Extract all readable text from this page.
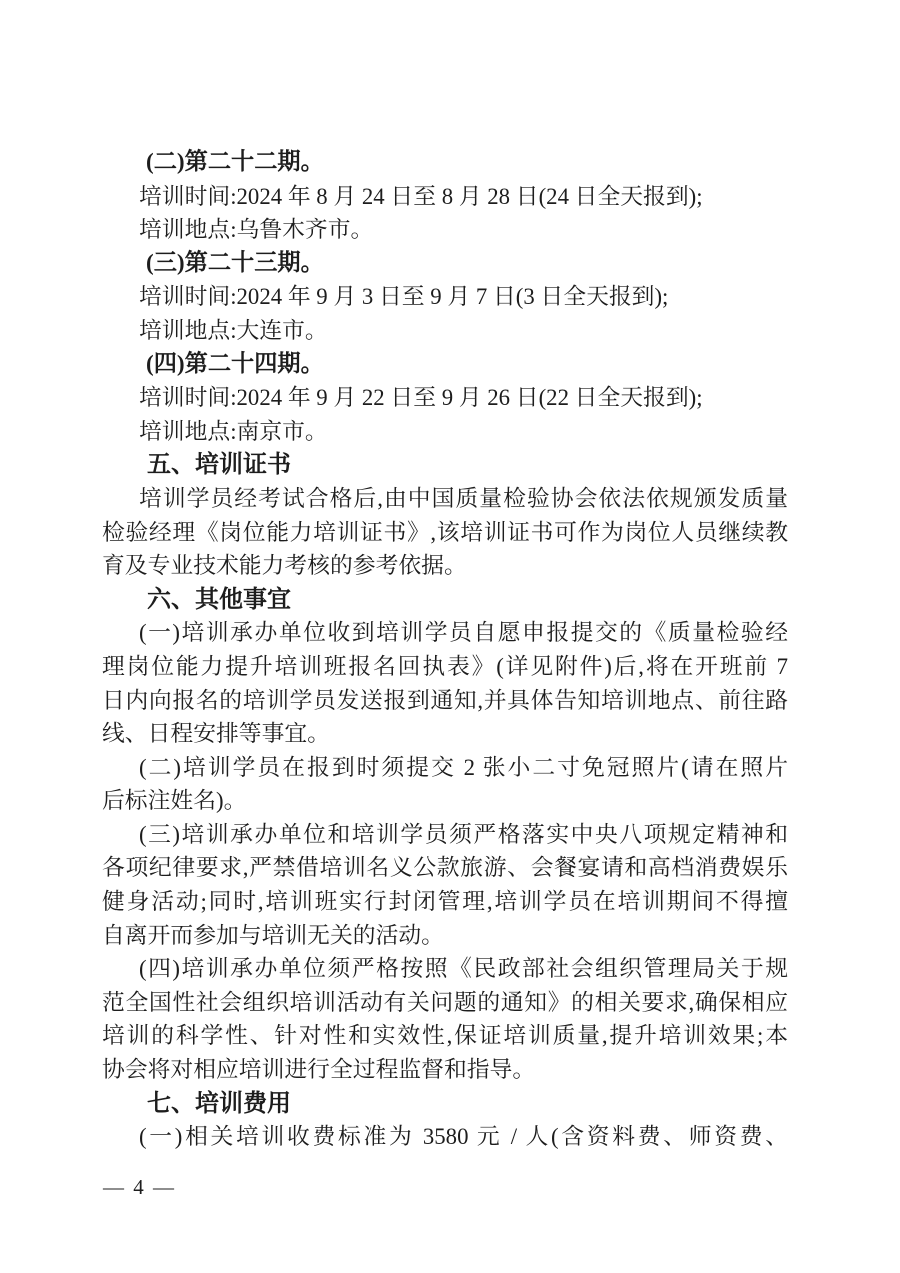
(二)第二十二期。
培训时间:2024 年 8 月 24 日至 8 月 28 日(24 日全天报到);
培训地点:乌鲁木齐市。
(三)第二十三期。
培训时间:2024 年 9 月 3 日至 9 月 7 日(3 日全天报到);
培训地点:大连市。
(四)第二十四期。
培训时间:2024 年 9 月 22 日至 9 月 26 日(22 日全天报到);
培训地点:南京市。
五、培训证书
培训学员经考试合格后,由中国质量检验协会依法依规颁发质量
检验经理《岗位能力培训证书》,该培训证书可作为岗位人员继续教
育及专业技术能力考核的参考依据。
六、其他事宜
(一)培训承办单位收到培训学员自愿申报提交的《质量检验经
理岗位能力提升培训班报名回执表》(详见附件)后,将在开班前 7
日内向报名的培训学员发送报到通知,并具体告知培训地点、前往路
线、日程安排等事宜。
(二)培训学员在报到时须提交 2 张小二寸免冠照片(请在照片
后标注姓名)。
(三)培训承办单位和培训学员须严格落实中央八项规定精神和
各项纪律要求,严禁借培训名义公款旅游、会餐宴请和高档消费娱乐
健身活动;同时,培训班实行封闭管理,培训学员在培训期间不得擅
自离开而参加与培训无关的活动。
(四)培训承办单位须严格按照《民政部社会组织管理局关于规
范全国性社会组织培训活动有关问题的通知》的相关要求,确保相应
培训的科学性、针对性和实效性,保证培训质量,提升培训效果;本
协会将对相应培训进行全过程监督和指导。
七、培训费用
(一)相关培训收费标准为 3580 元 / 人(含资料费、师资费、
— 4 —
